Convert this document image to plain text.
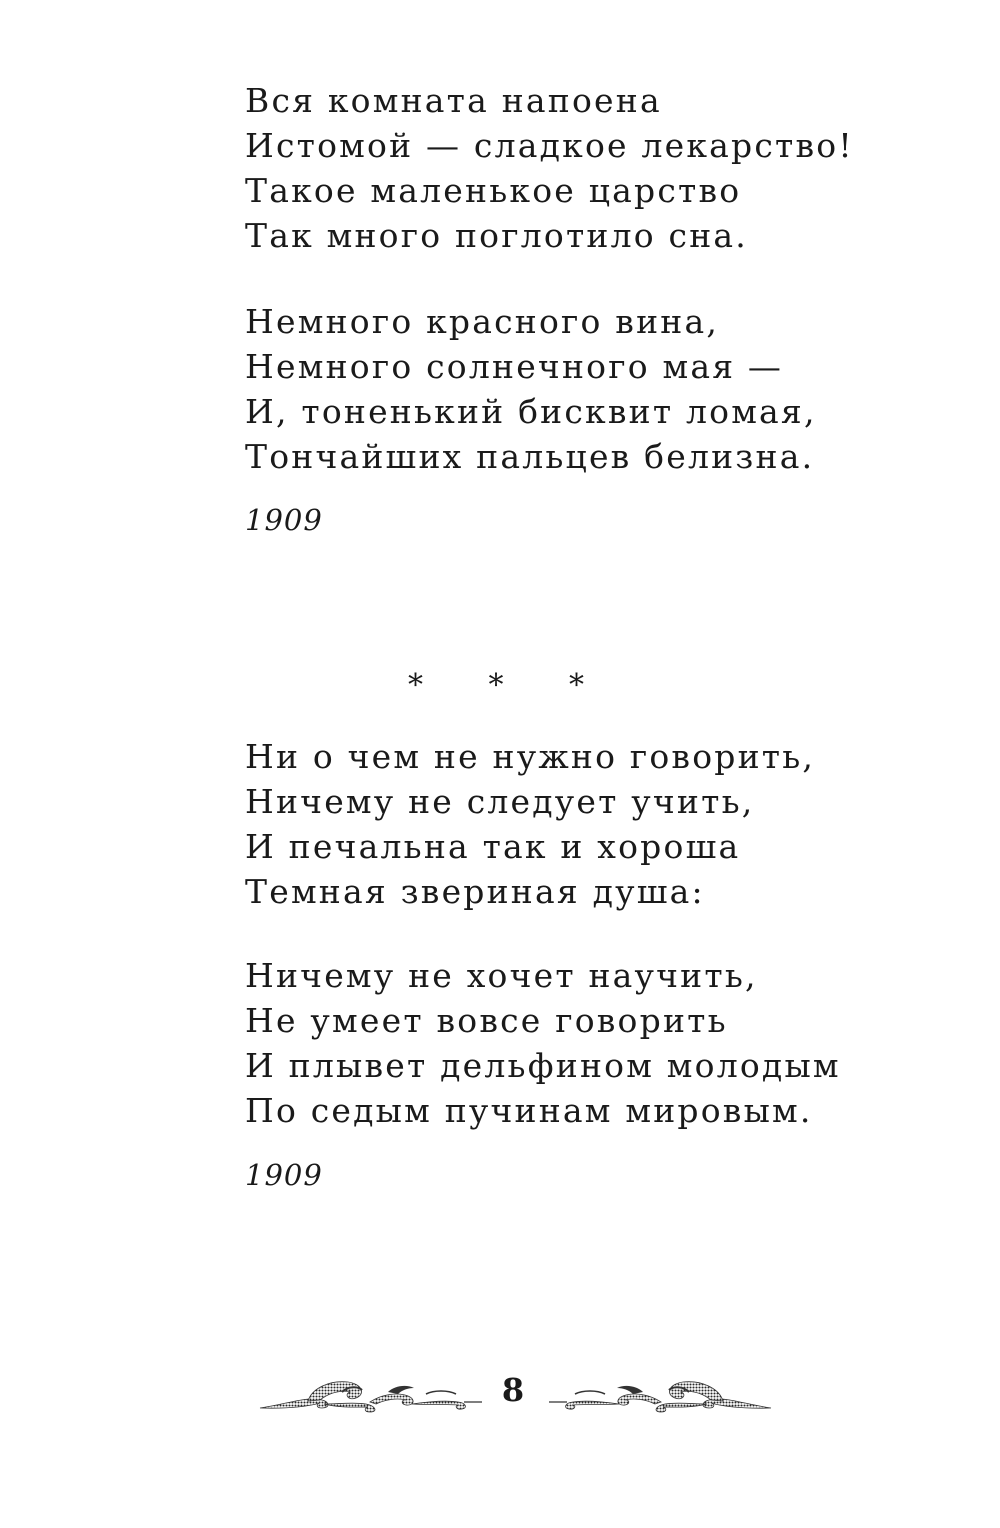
Вся комната напоена
Истомой — сладкое лекарство!
Такое маленькое царство
Так много поглотило сна.
Немного красного вина,
Немного солнечного мая —
И, тоненький бисквит ломая,
Тончайших пальцев белизна.
1909
* * *
Ни о чем не нужно говорить,
Ничему не следует учить,
И печальна так и хороша
Темная звериная душа:
Ничему не хочет научить,
Не умеет вовсе говорить
И плывет дельфином молодым
По седым пучинам мировым.
1909
8
